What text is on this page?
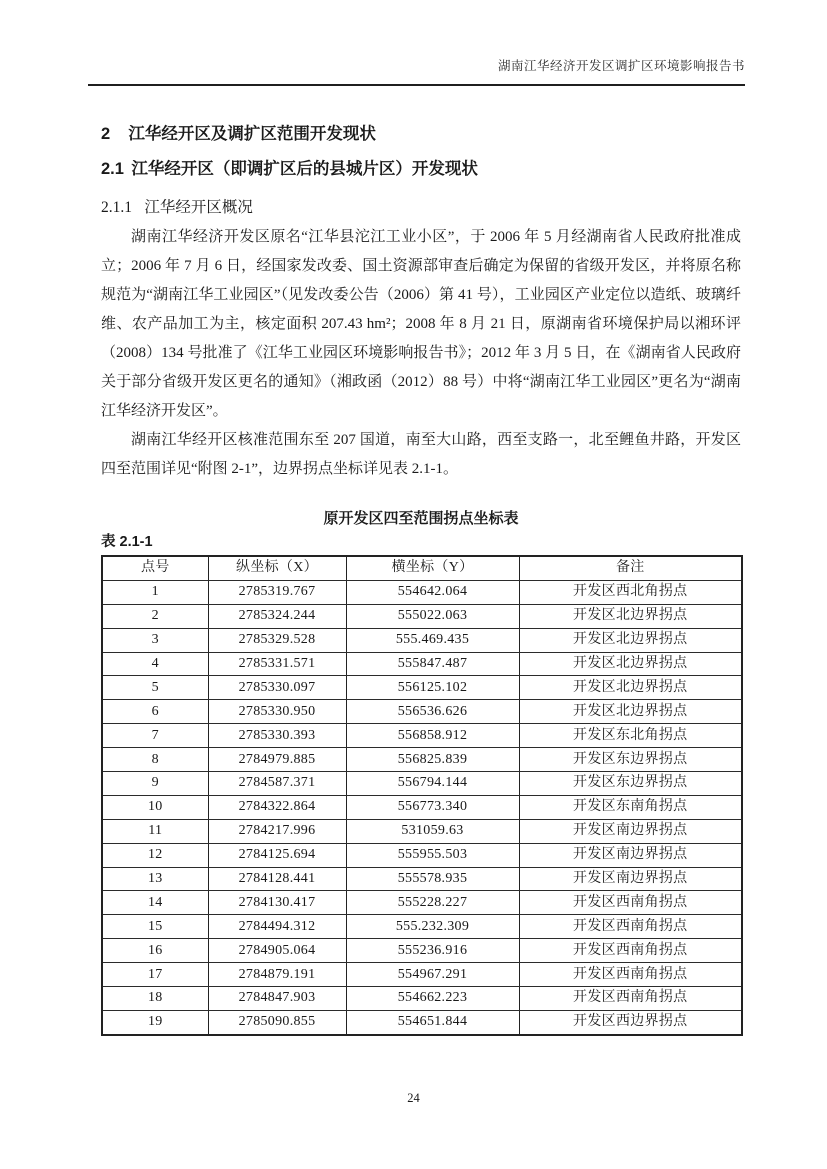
湖南江华经济开发区调扩区环境影响报告书
2 江华经开区及调扩区范围开发现状
2.1 江华经开区（即调扩区后的县城片区）开发现状
2.1.1 江华经开区概况

湖南江华经济开发区原名“江华县沱江工业小区”，于 2006 年 5 月经湖南省人民政府批准成立；2006 年 7 月 6 日，经国家发改委、国土资源部审查后确定为保留的省级开发区，并将原名称规范为“湖南江华工业园区”（见发改委公告（2006）第 41 号），工业园区产业定位以造纸、玻璃纤维、农产品加工为主，核定面积 207.43 hm²；2008 年 8 月 21 日，原湖南省环境保护局以湘环评（2008）134 号批准了《江华工业园区环境影响报告书》；2012 年 3 月 5 日，在《湖南省人民政府关于部分省级开发区更名的通知》（湘政函（2012）88 号）中将“湖南江华工业园区”更名为“湖南江华经济开发区”。

湖南江华经开区核准范围东至 207 国道，南至大山路，西至支路一，北至鲤鱼井路，开发区四至范围详见“附图 2-1”，边界拐点坐标详见表 2.1-1。

原开发区四至范围拐点坐标表
表 2.1-1
点号	纵坐标（X）	横坐标（Y）	备注
1	2785319.767	554642.064	开发区西北角拐点
2	2785324.244	555022.063	开发区北边界拐点
3	2785329.528	555.469.435	开发区北边界拐点
4	2785331.571	555847.487	开发区北边界拐点
5	2785330.097	556125.102	开发区北边界拐点
6	2785330.950	556536.626	开发区北边界拐点
7	2785330.393	556858.912	开发区东北角拐点
8	2784979.885	556825.839	开发区东边界拐点
9	2784587.371	556794.144	开发区东边界拐点
10	2784322.864	556773.340	开发区东南角拐点
11	2784217.996	531059.63	开发区南边界拐点
12	2784125.694	555955.503	开发区南边界拐点
13	2784128.441	555578.935	开发区南边界拐点
14	2784130.417	555228.227	开发区西南角拐点
15	2784494.312	555.232.309	开发区西南角拐点
16	2784905.064	555236.916	开发区西南角拐点
17	2784879.191	554967.291	开发区西南角拐点
18	2784847.903	554662.223	开发区西南角拐点
19	2785090.855	554651.844	开发区西边界拐点
24
